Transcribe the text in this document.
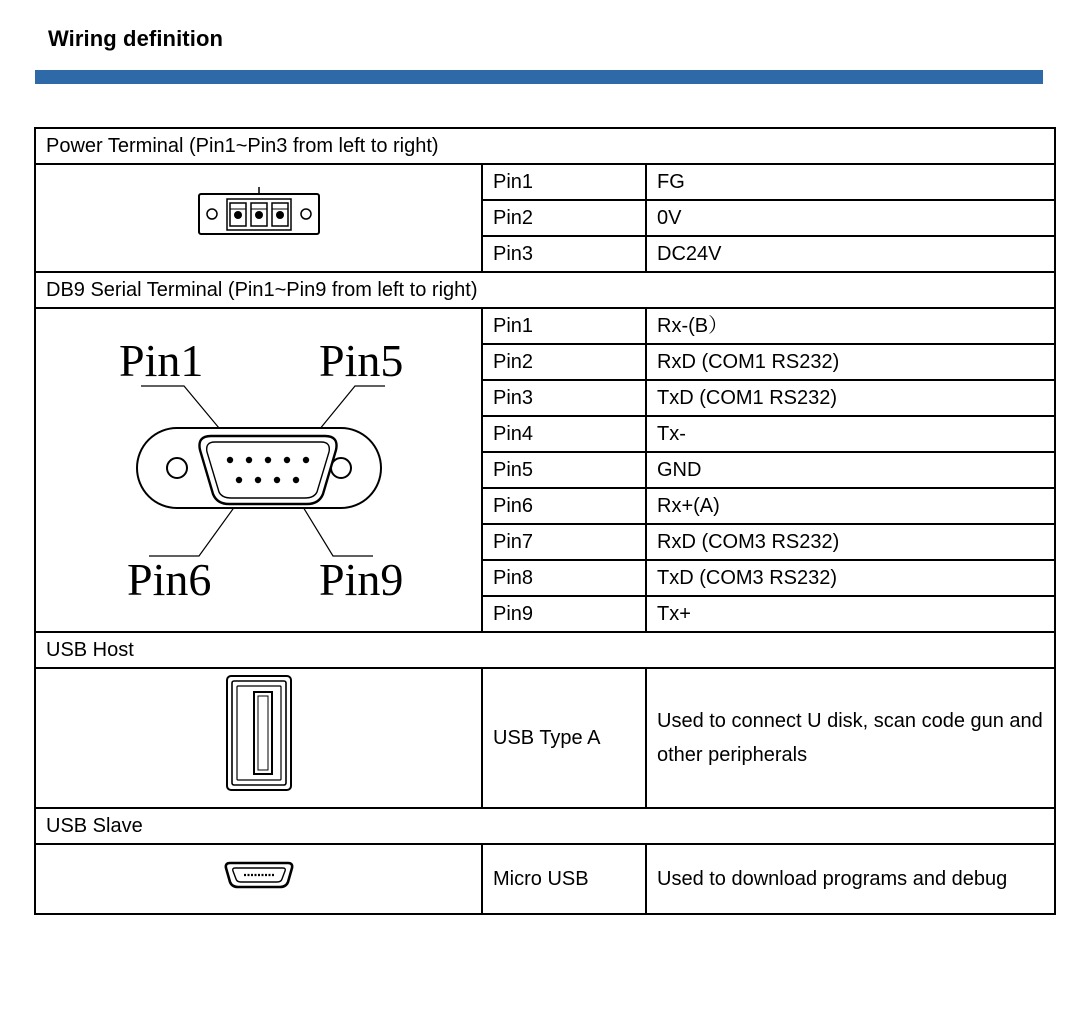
Wiring definition
Power Terminal (Pin1~Pin3 from left to right)		
	Pin1	FG
	Pin2	0V
	Pin3	DC24V
DB9 Serial Terminal (Pin1~Pin9 from left to right)		

Pin1 Pin5
Pin6 Pin9	Pin1	Rx-(B）
	Pin2	RxD (COM1 RS232)
	Pin3	TxD (COM1 RS232)
	Pin4	Tx-
	Pin5	GND
	Pin6	Rx+(A)
	Pin7	RxD (COM3 RS232)
	Pin8	TxD (COM3 RS232)
	Pin9	Tx+
USB Host		
	USB Type A	Used to connect U disk, scan code gun and other peripherals
USB Slave		
	Micro USB	Used to download programs and debug
